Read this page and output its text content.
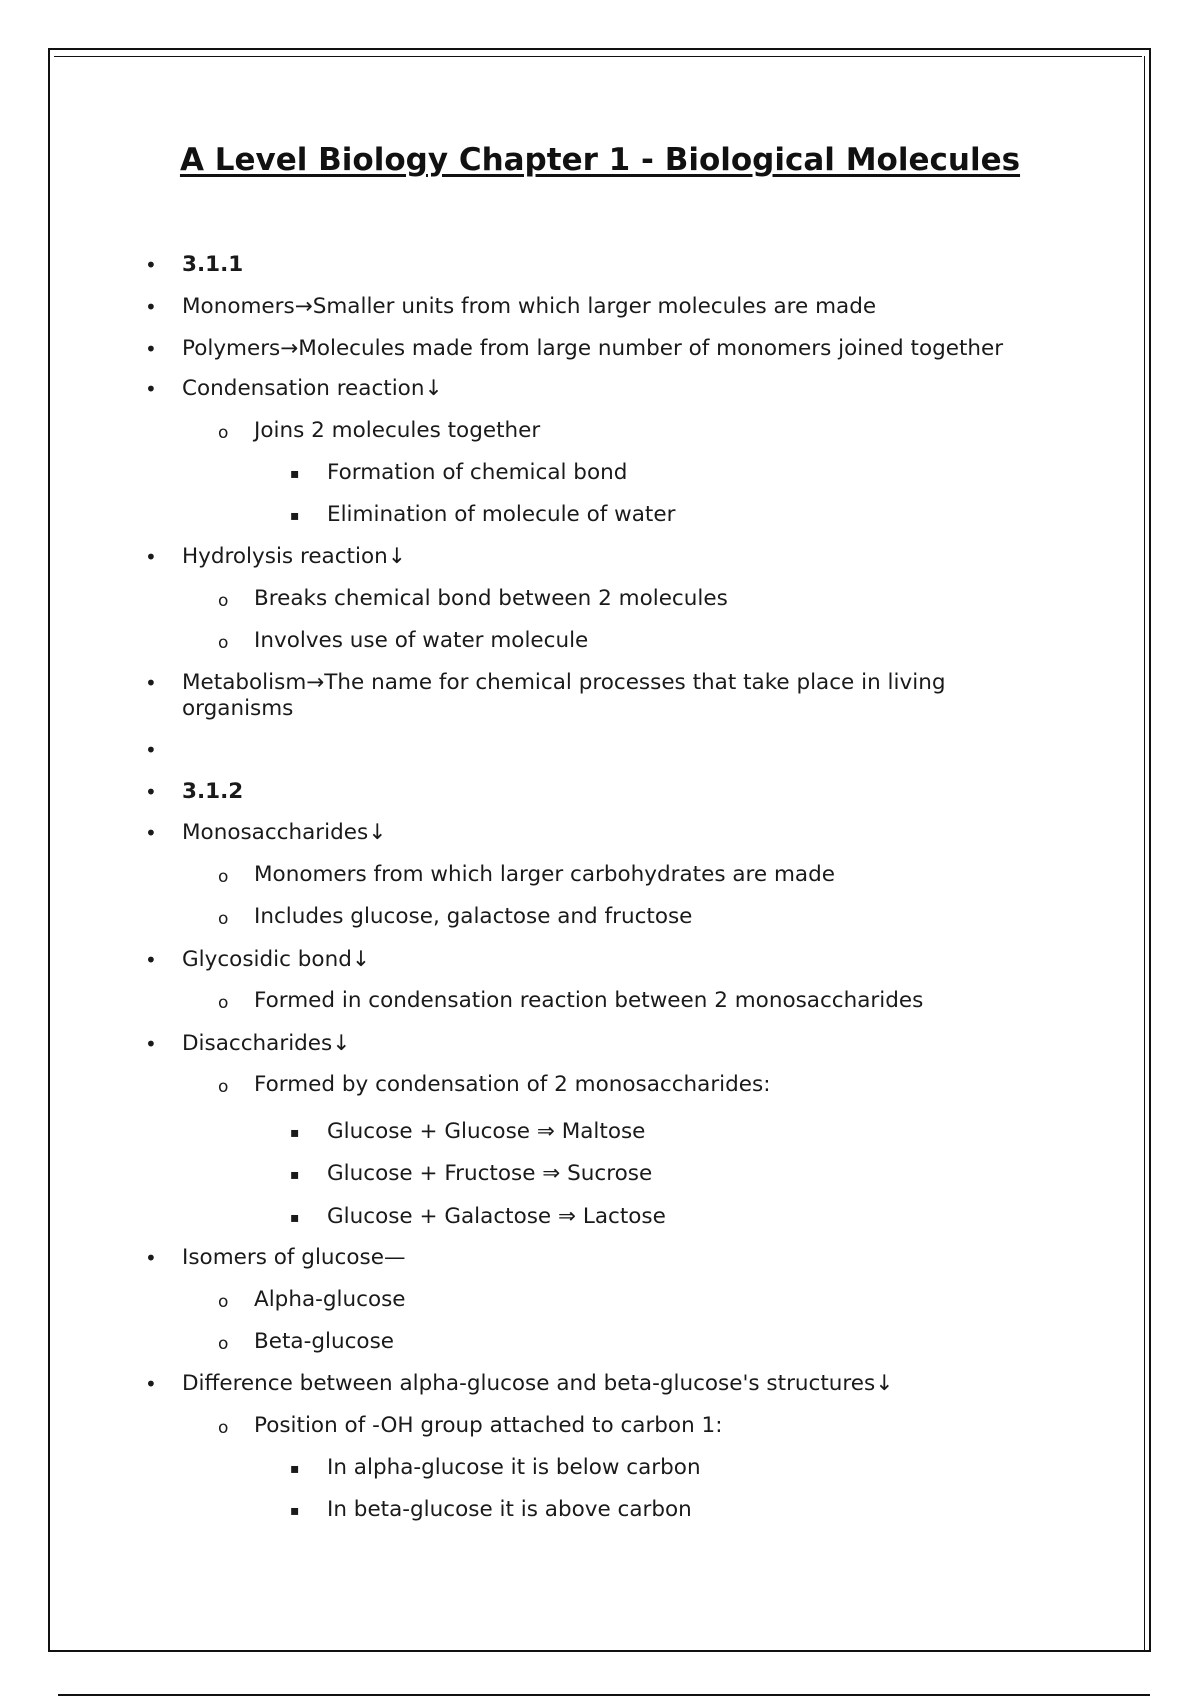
A Level Biology Chapter 1 - Biological Molecules
• 3.1.1
• Monomers→Smaller units from which larger molecules are made
• Polymers→Molecules made from large number of monomers joined together
• Condensation reaction↓
o Joins 2 molecules together
▪ Formation of chemical bond
▪ Elimination of molecule of water
• Hydrolysis reaction↓
o Breaks chemical bond between 2 molecules
o Involves use of water molecule
• Metabolism→The name for chemical processes that take place in living organisms
•
• 3.1.2
• Monosaccharides↓
o Monomers from which larger carbohydrates are made
o Includes glucose, galactose and fructose
• Glycosidic bond↓
o Formed in condensation reaction between 2 monosaccharides
• Disaccharides↓
o Formed by condensation of 2 monosaccharides:
▪ Glucose + Glucose ⇒ Maltose
▪ Glucose + Fructose ⇒ Sucrose
▪ Glucose + Galactose ⇒ Lactose
• Isomers of glucose—
o Alpha-glucose
o Beta-glucose
• Difference between alpha-glucose and beta-glucose's structures↓
o Position of -OH group attached to carbon 1:
▪ In alpha-glucose it is below carbon
▪ In beta-glucose it is above carbon
